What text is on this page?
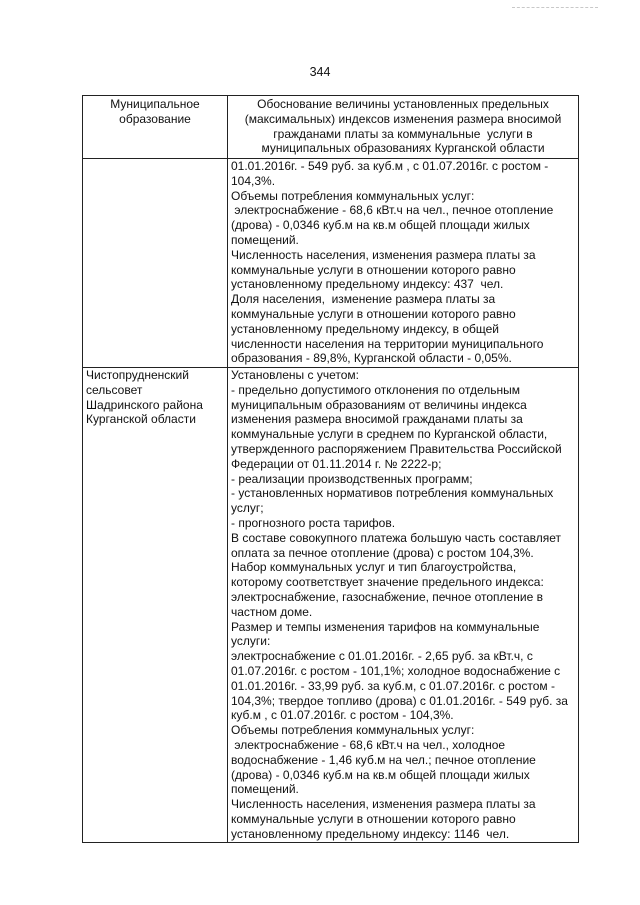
344
Муниципальное
образование
Обоснование величины установленных предельных
(максимальных) индексов изменения размера вносимой
гражданами платы за коммунальные  услуги в
муниципальных образованиях Курганской области
01.01.2016г. - 549 руб. за куб.м , с 01.07.2016г. с ростом -
104,3%.
Объемы потребления коммунальных услуг:
электроснабжение - 68,6 кВт.ч на чел., печное отопление
(дрова) - 0,0346 куб.м на кв.м общей площади жилых
помещений.
Численность населения, изменения размера платы за
коммунальные услуги в отношении которого равно
установленному предельному индексу: 437  чел.
Доля населения,  изменение размера платы за
коммунальные услуги в отношении которого равно
установленному предельному индексу, в общей
численности населения на территории муниципального
образования - 89,8%, Курганской области - 0,05%.
Чистопрудненский
сельсовет
Шадринского района
Курганской области
Установлены с учетом:
- предельно допустимого отклонения по отдельным
муниципальным образованиям от величины индекса
изменения размера вносимой гражданами платы за
коммунальные услуги в среднем по Курганской области,
утвержденного распоряжением Правительства Российской
Федерации от 01.11.2014 г. № 2222-р;
- реализации производственных программ;
- установленных нормативов потребления коммунальных
услуг;
- прогнозного роста тарифов.
В составе совокупного платежа большую часть составляет
оплата за печное отопление (дрова) с ростом 104,3%.
Набор коммунальных услуг и тип благоустройства,
которому соответствует значение предельного индекса:
электроснабжение, газоснабжение, печное отопление в
частном доме.
Размер и темпы изменения тарифов на коммунальные
услуги:
электроснабжение с 01.01.2016г. - 2,65 руб. за кВт.ч, с
01.07.2016г. с ростом - 101,1%; холодное водоснабжение с
01.01.2016г. - 33,99 руб. за куб.м, с 01.07.2016г. с ростом -
104,3%; твердое топливо (дрова) с 01.01.2016г. - 549 руб. за
куб.м , с 01.07.2016г. с ростом - 104,3%.
Объемы потребления коммунальных услуг:
электроснабжение - 68,6 кВт.ч на чел., холодное
водоснабжение - 1,46 куб.м на чел.; печное отопление
(дрова) - 0,0346 куб.м на кв.м общей площади жилых
помещений.
Численность населения, изменения размера платы за
коммунальные услуги в отношении которого равно
установленному предельному индексу: 1146  чел.
